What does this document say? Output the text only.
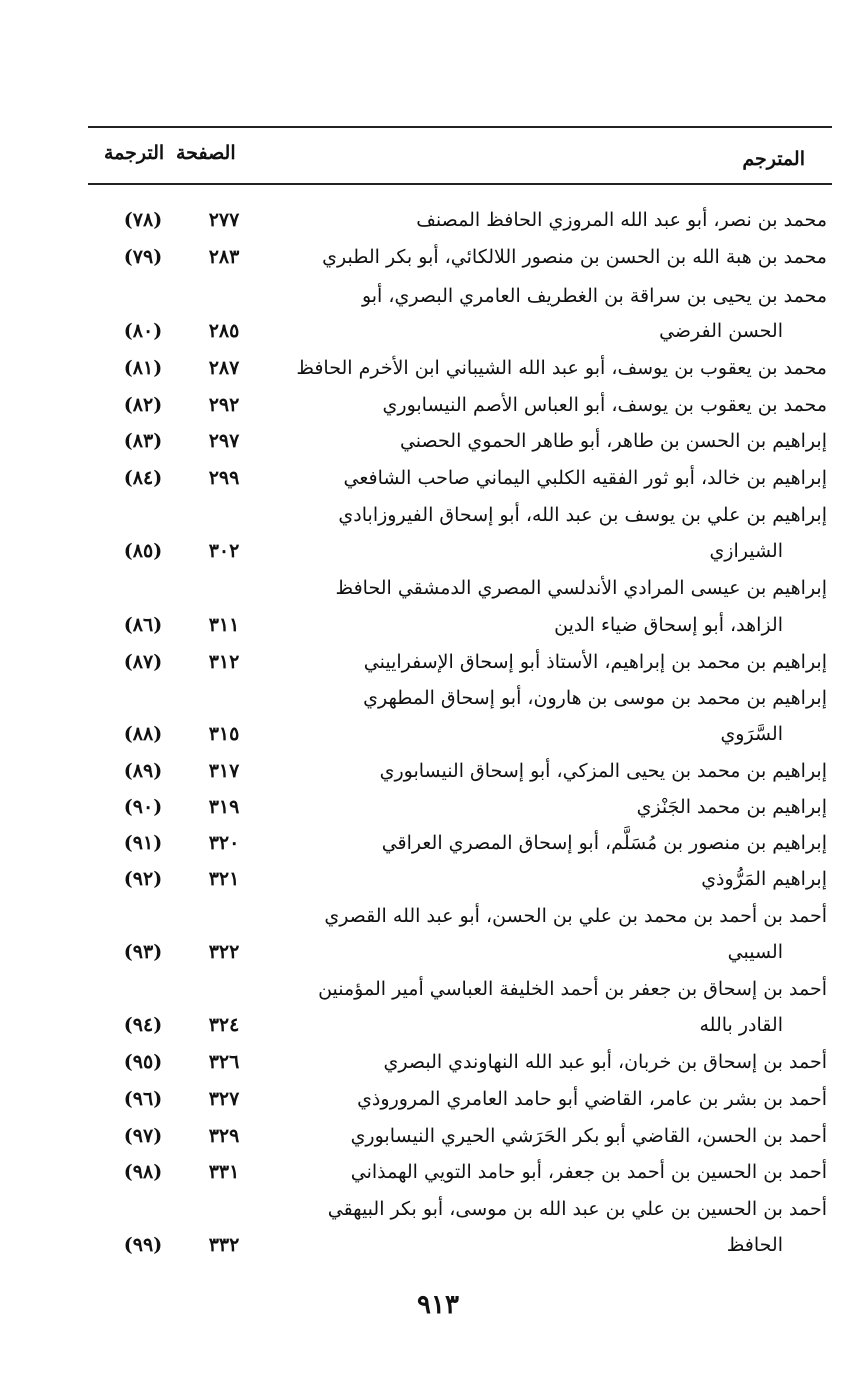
المترجم
الصفحة
الترجمة
محمد بن نصر، أبو عبد الله المروزي الحافظ المصنف
٢٧٧
(٧٨)
محمد بن هبة الله بن الحسن بن منصور اللالكائي، أبو بكر الطبري
٢٨٣
(٧٩)
محمد بن يحيى بن سراقة بن الغطريف العامري البصري، أبو
الحسن الفرضي
٢٨٥
(٨٠)
محمد بن يعقوب بن يوسف، أبو عبد الله الشيباني ابن الأخرم الحافظ
٢٨٧
(٨١)
محمد بن يعقوب بن يوسف، أبو العباس الأصم النيسابوري
٢٩٢
(٨٢)
إبراهيم بن الحسن بن طاهر، أبو طاهر الحموي الحصني
٢٩٧
(٨٣)
إبراهيم بن خالد، أبو ثور الفقيه الكلبي اليماني صاحب الشافعي
٢٩٩
(٨٤)
إبراهيم بن علي بن يوسف بن عبد الله، أبو إسحاق الفيروزابادي
الشيرازي
٣٠٢
(٨٥)
إبراهيم بن عيسى المرادي الأندلسي المصري الدمشقي الحافظ
الزاهد، أبو إسحاق ضياء الدين
٣١١
(٨٦)
إبراهيم بن محمد بن إبراهيم، الأستاذ أبو إسحاق الإسفراييني
٣١٢
(٨٧)
إبراهيم بن محمد بن موسى بن هارون، أبو إسحاق المطهري
السَّرَوي
٣١٥
(٨٨)
إبراهيم بن محمد بن يحيى المزكي، أبو إسحاق النيسابوري
٣١٧
(٨٩)
إبراهيم بن محمد الجَنْزي
٣١٩
(٩٠)
إبراهيم بن منصور بن مُسَلَّم، أبو إسحاق المصري العراقي
٣٢٠
(٩١)
إبراهيم المَرُّوذي
٣٢١
(٩٢)
أحمد بن أحمد بن محمد بن علي بن الحسن، أبو عبد الله القصري
السيبي
٣٢٢
(٩٣)
أحمد بن إسحاق بن جعفر بن أحمد الخليفة العباسي أمير المؤمنين
القادر بالله
٣٢٤
(٩٤)
أحمد بن إسحاق بن خربان، أبو عبد الله النهاوندي البصري
٣٢٦
(٩٥)
أحمد بن بشر بن عامر، القاضي أبو حامد العامري المروروذي
٣٢٧
(٩٦)
أحمد بن الحسن، القاضي أبو بكر الحَرَشي الحيري النيسابوري
٣٢٩
(٩٧)
أحمد بن الحسين بن أحمد بن جعفر، أبو حامد التويي الهمذاني
٣٣١
(٩٨)
أحمد بن الحسين بن علي بن عبد الله بن موسى، أبو بكر البيهقي
الحافظ
٣٣٢
(٩٩)
٩١٣
